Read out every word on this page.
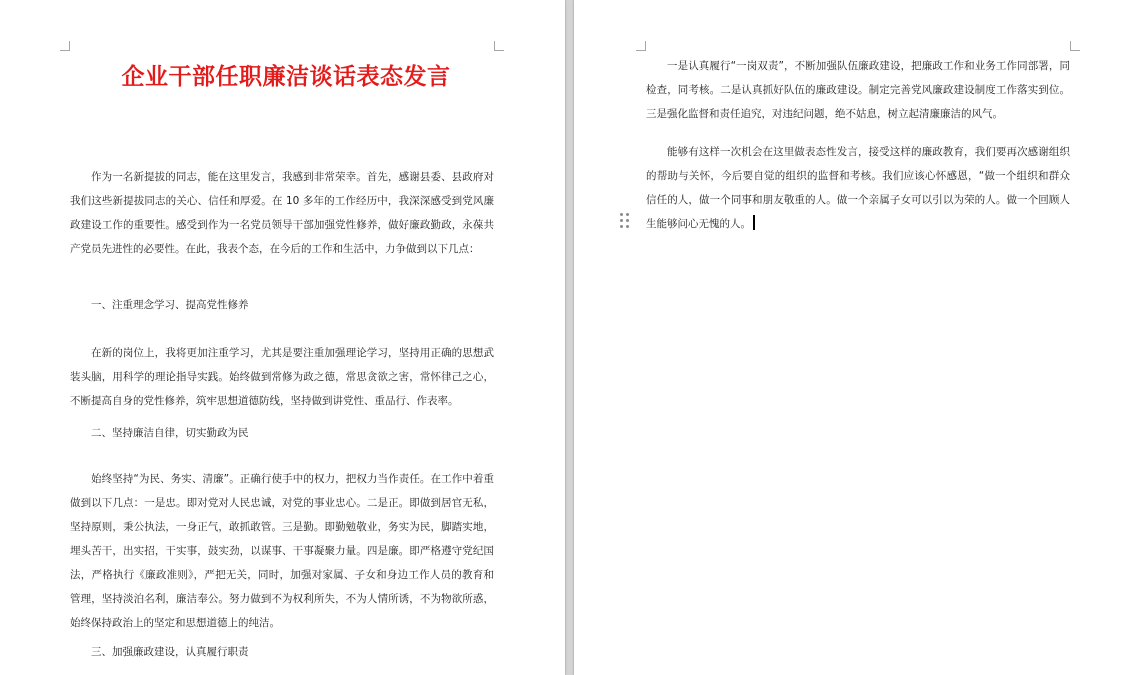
企业干部任职廉洁谈话表态发言

作为一名新提拔的同志，能在这里发言，我感到非常荣幸。首先，感谢县委、县政府对我们这些新提拔同志的关心、信任和厚爱。在 10 多年的工作经历中，我深深感受到党风廉政建设工作的重要性。感受到作为一名党员领导干部加强党性修养，做好廉政勤政，永葆共产党员先进性的必要性。在此，我表个态，在今后的工作和生活中，力争做到以下几点：

一、注重理念学习、提高党性修养

在新的岗位上，我将更加注重学习，尤其是要注重加强理论学习，坚持用正确的思想武装头脑，用科学的理论指导实践。始终做到常修为政之德，常思贪欲之害，常怀律己之心，不断提高自身的党性修养，筑牢思想道德防线，坚持做到讲党性、重品行、作表率。

二、坚持廉洁自律，切实勤政为民

始终坚持“为民、务实、清廉”。正确行使手中的权力，把权力当作责任。在工作中着重做到以下几点：一是忠。即对党对人民忠诚，对党的事业忠心。二是正。即做到居官无私，坚持原则，秉公执法，一身正气，敢抓敢管。三是勤。即勤勉敬业，务实为民，脚踏实地，埋头苦干，出实招，干实事，鼓实劲，以谋事、干事凝聚力量。四是廉。即严格遵守党纪国法，严格执行《廉政准则》，严把无关，同时，加强对家属、子女和身边工作人员的教育和管理，坚持淡泊名利，廉洁奉公。努力做到不为权利所失，不为人情所诱，不为物欲所惑，始终保持政治上的坚定和思想道德上的纯洁。

三、加强廉政建设，认真履行职责

一是认真履行“一岗双责”，不断加强队伍廉政建设，把廉政工作和业务工作同部署，同检查，同考核。二是认真抓好队伍的廉政建设。制定完善党风廉政建设制度工作落实到位。三是强化监督和责任追究，对违纪问题，绝不姑息，树立起清廉廉洁的风气。

能够有这样一次机会在这里做表态性发言，接受这样的廉政教育，我们要再次感谢组织的帮助与关怀，今后要自觉的组织的监督和考核。我们应该心怀感恩，“做一个组织和群众信任的人，做一个同事和朋友敬重的人。做一个亲属子女可以引以为荣的人。做一个回顾人生能够问心无愧的人。
